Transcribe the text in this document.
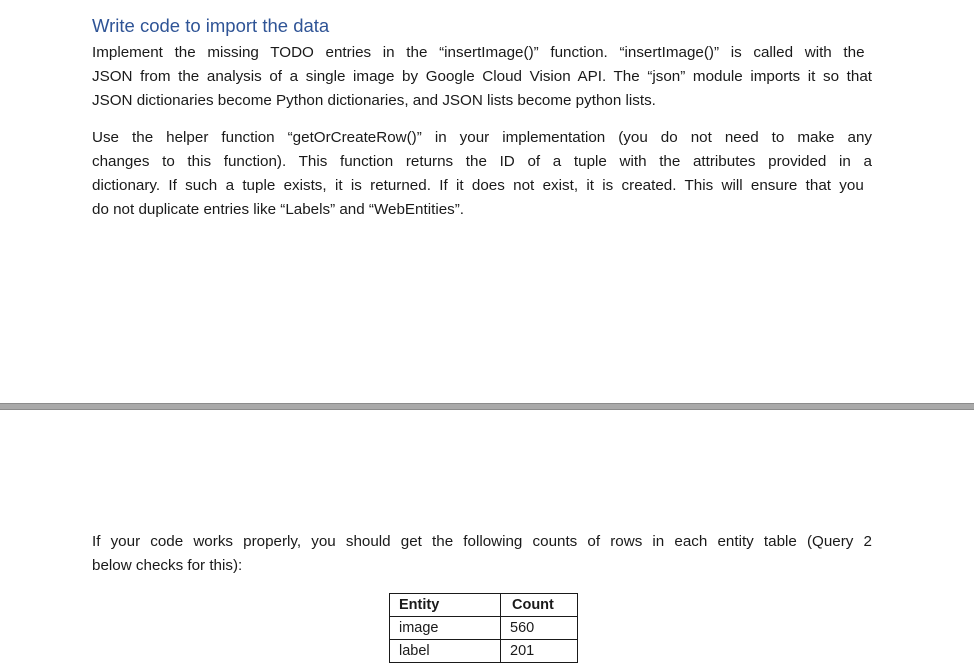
Write code to import the data
Implement the missing TODO entries in the “insertImage()” function. “insertImage()” is called with the
JSON from the analysis of a single image by Google Cloud Vision API. The “json” module imports it so that
JSON dictionaries become Python dictionaries, and JSON lists become python lists.
Use the helper function “getOrCreateRow()” in your implementation (you do not need to make any
changes to this function). This function returns the ID of a tuple with the attributes provided in a
dictionary. If such a tuple exists, it is returned. If it does not exist, it is created. This will ensure that you
do not duplicate entries like “Labels” and “WebEntities”.
If your code works properly, you should get the following counts of rows in each entity table (Query 2
below checks for this):
Entity	Count
image	560
label	201
